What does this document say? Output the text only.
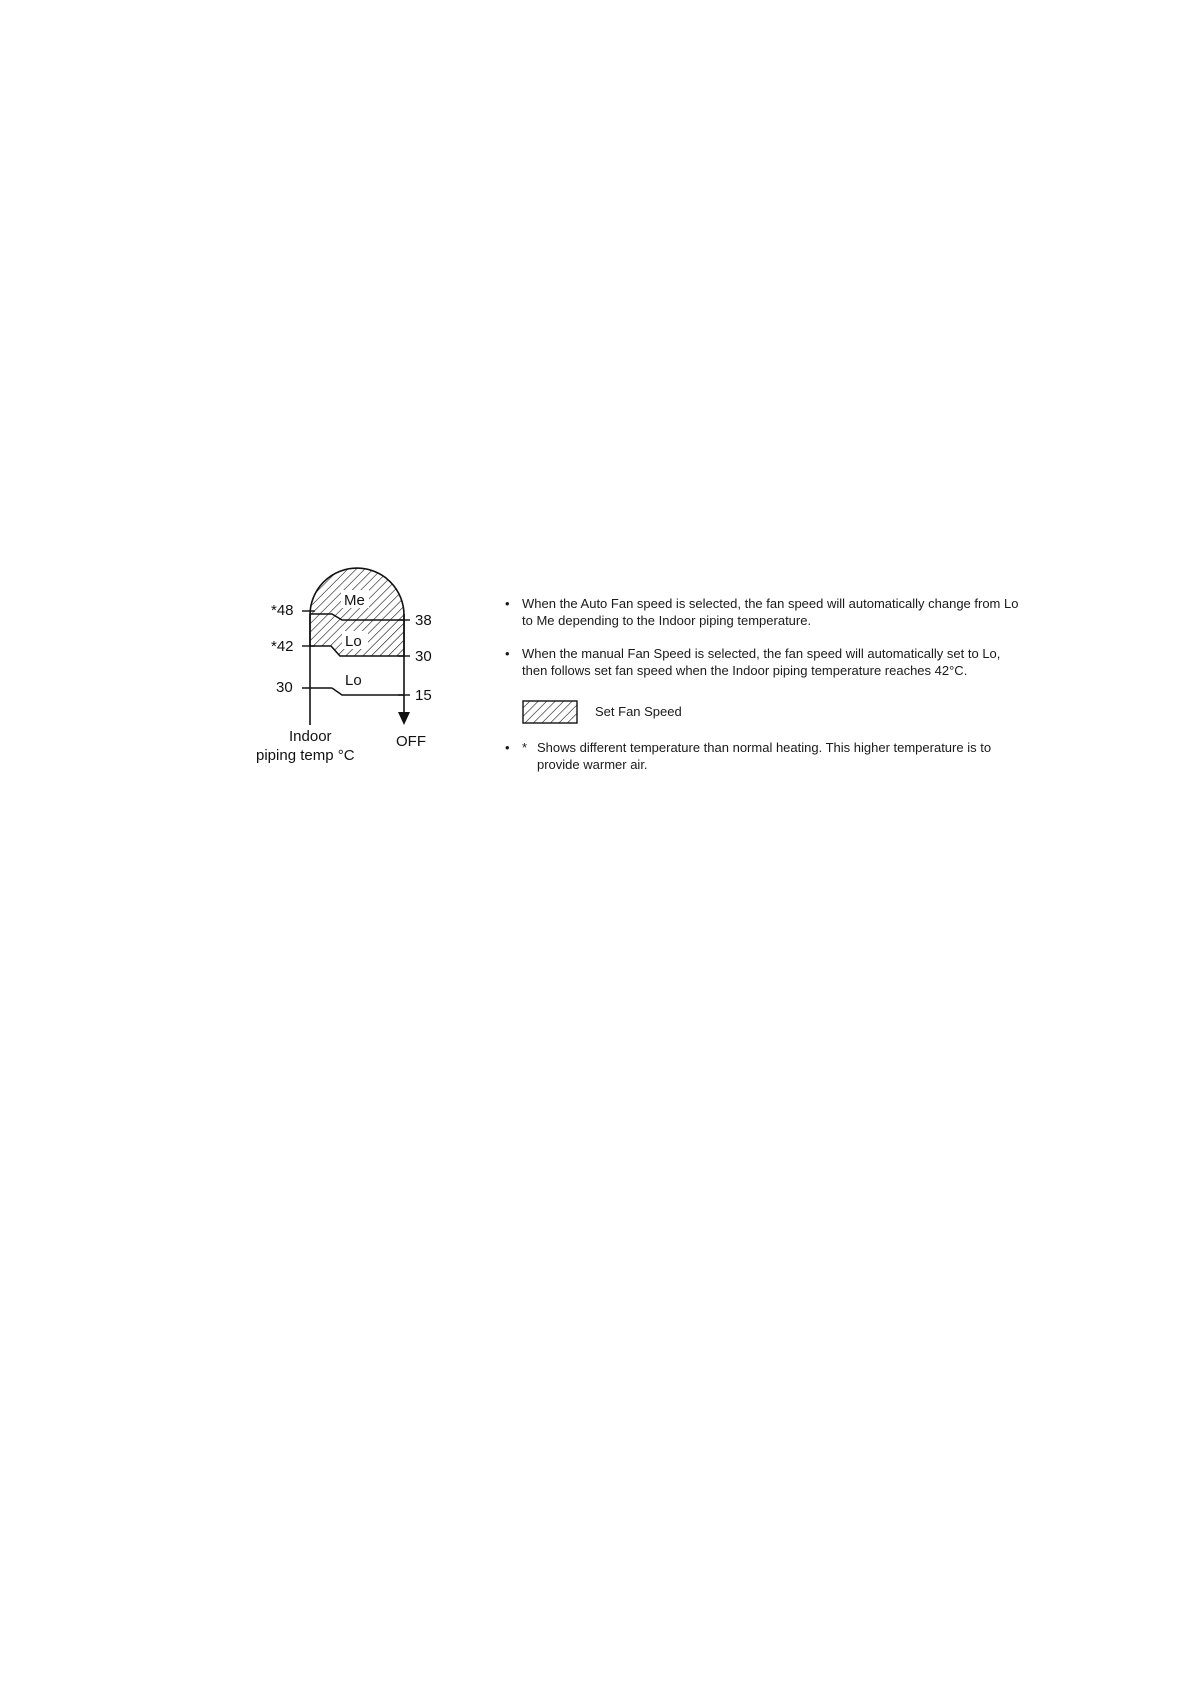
Me
Lo
Lo
*48
*42
30
38
30
15
OFF
Indoor
piping temp °C
• When the Auto Fan speed is selected, the fan speed will automatically change from Lo to Me depending to the Indoor piping temperature.
• When the manual Fan Speed is selected, the fan speed will automatically set to Lo, then follows set fan speed when the Indoor piping temperature reaches 42°C.
Set Fan Speed
• * Shows different temperature than normal heating. This higher temperature is to provide warmer air.
